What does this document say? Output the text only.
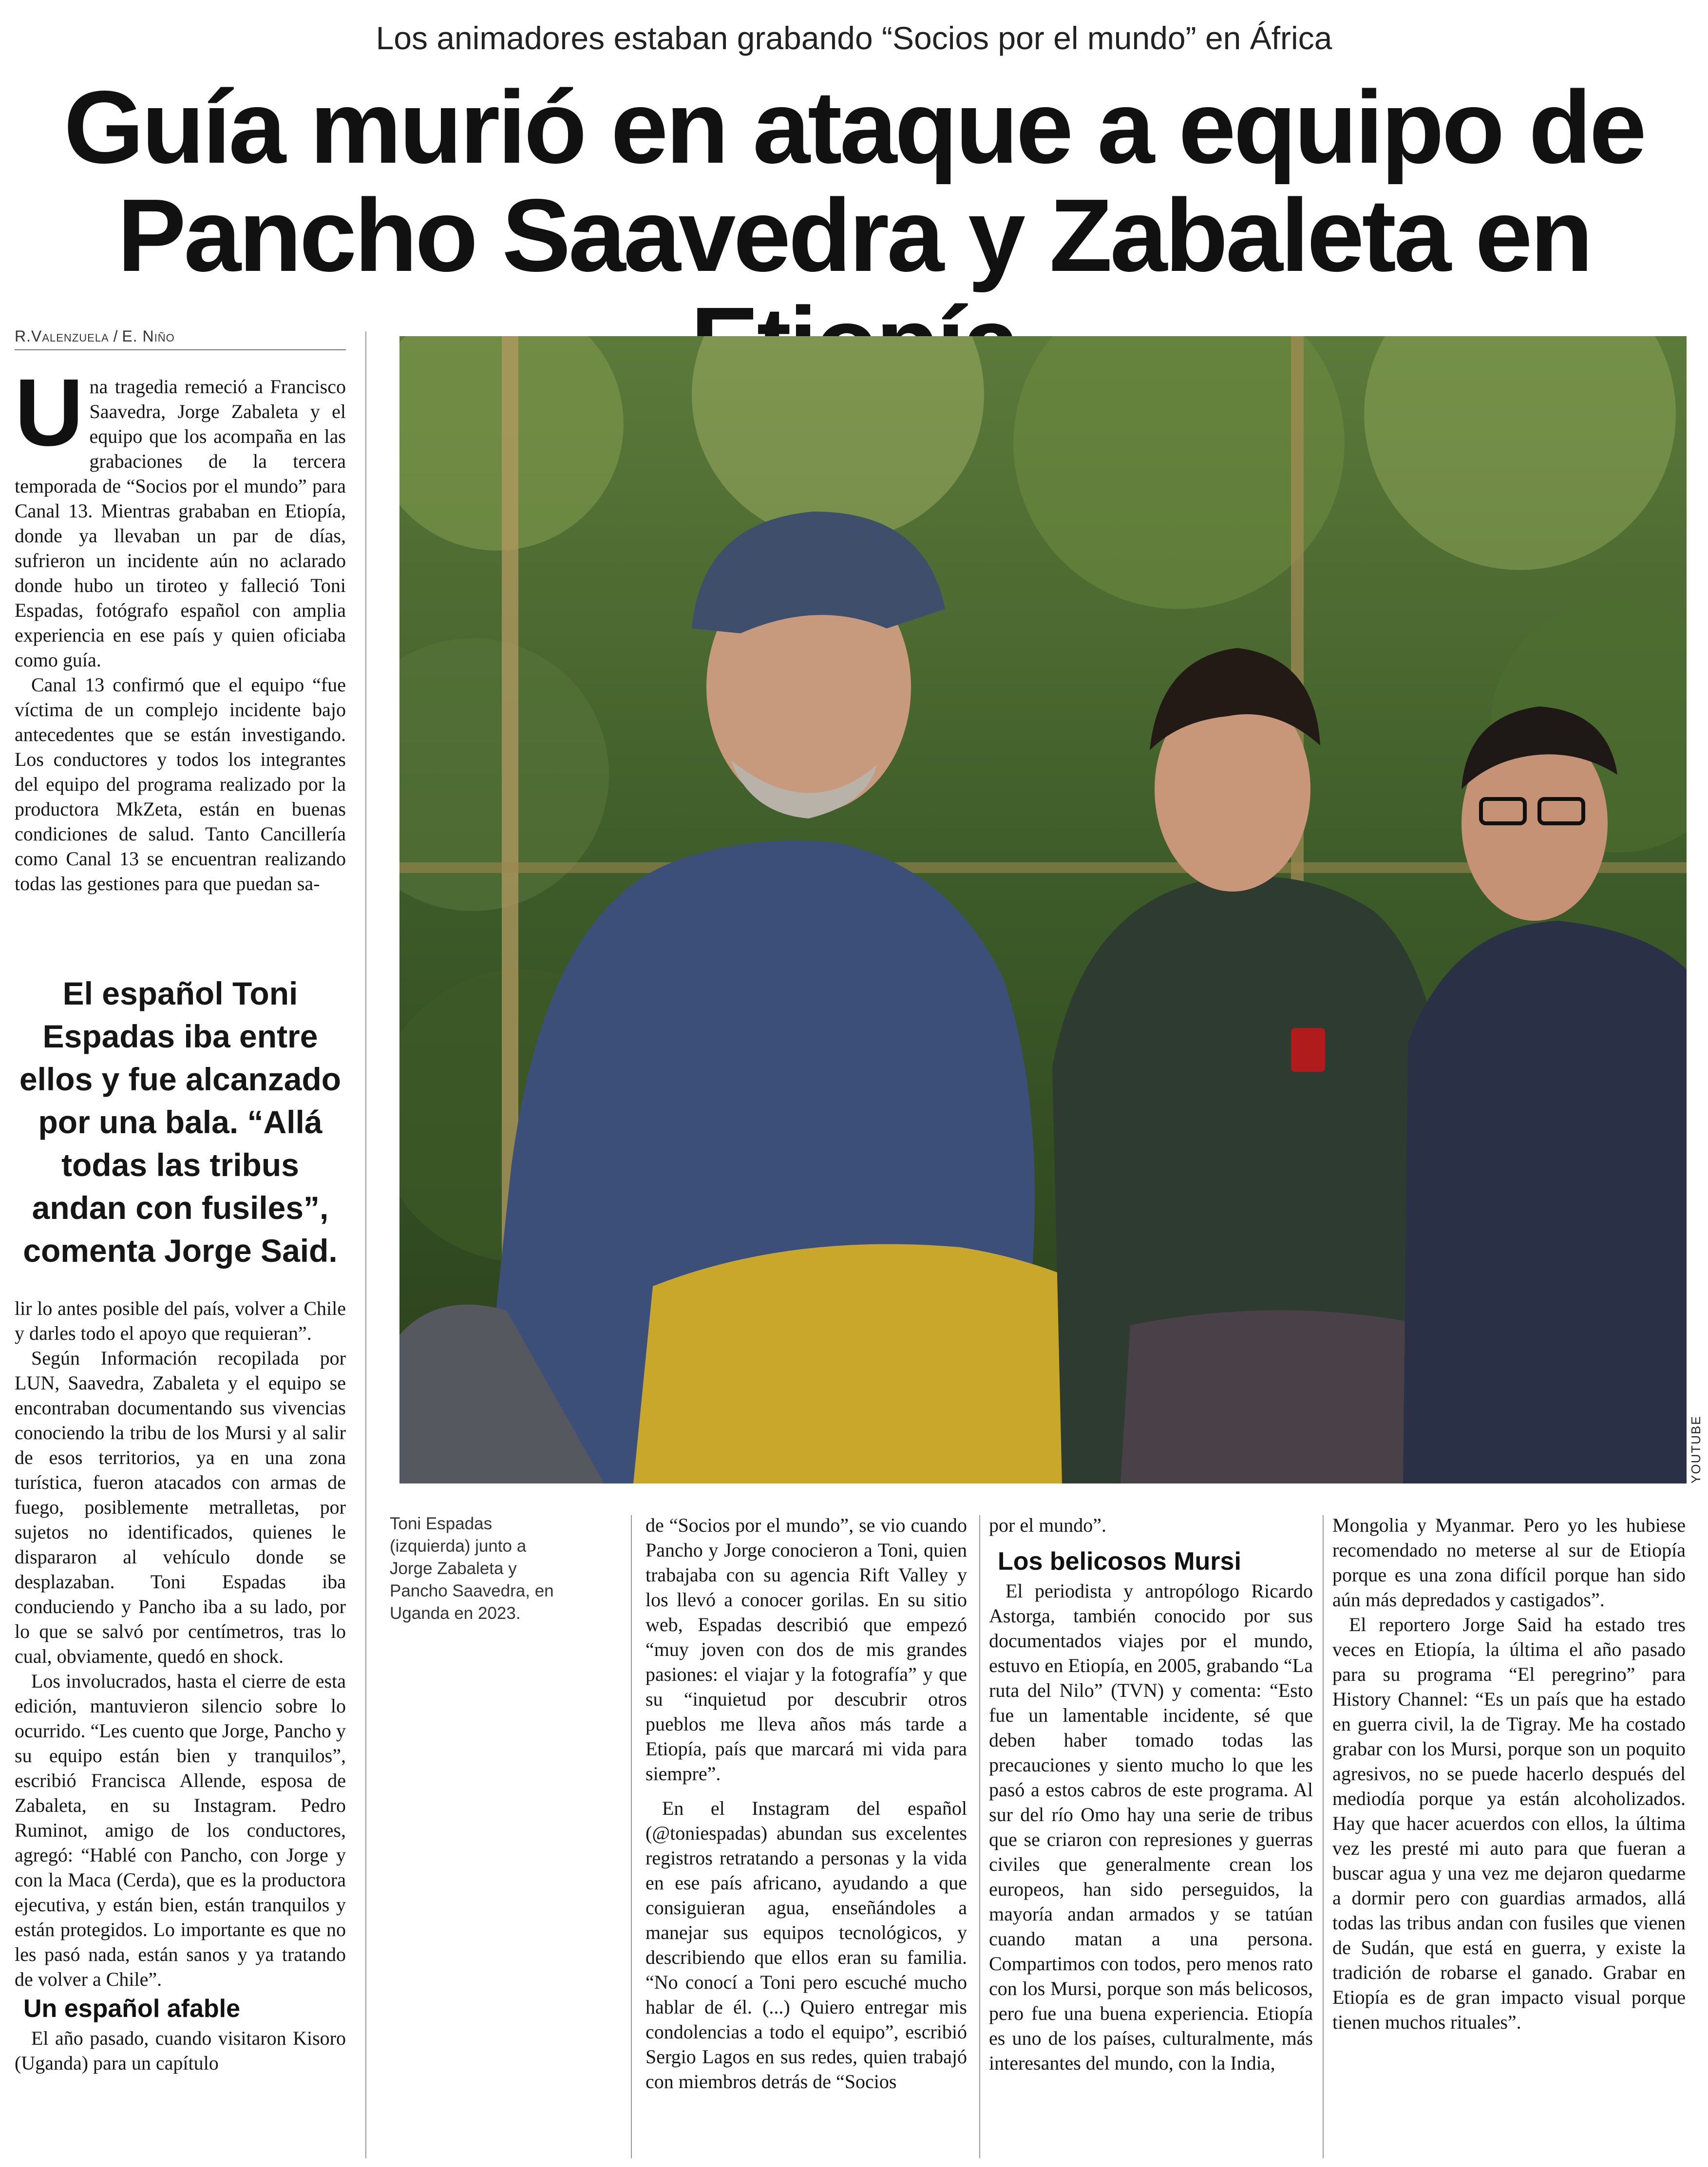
Los animadores estaban grabando “Socios por el mundo” en África
Guía murió en ataque a equipo de
Pancho Saavedra y Zabaleta en
R.Valenzuela / E. Niño
U na tragedia remeció a Francisco Saavedra, Jorge Zabaleta y el equipo que los acompaña en las grabaciones de la tercera temporada de “Socios por el mundo” para Canal 13. Mientras grababan en Etiopía, donde ya llevaban un par de días, sufrieron un incidente aún no aclarado donde hubo un tiroteo y falleció Toni Espadas, fotógrafo español con amplia experiencia en ese país y quien oficiaba como guía.

Canal 13 confirmó que el equipo “fue víctima de un complejo incidente bajo antecedentes que se están investigando. Los conductores y todos los integrantes del equipo del programa realizado por la productora MkZeta, están en buenas condiciones de salud. Tanto Cancillería como Canal 13 se encuentran realizando todas las gestiones para que puedan sa-

El español Toni Espadas iba entre ellos y fue alcanzado por una bala. “Allá todas las tribus andan con fusiles”, comenta Jorge Said.

lir lo antes posible del país, volver a Chile y darles todo el apoyo que requieran”.

Según Información recopilada por LUN, Saavedra, Zabaleta y el equipo se encontraban documentando sus vivencias conociendo la tribu de los Mursi y al salir de esos territorios, ya en una zona turística, fueron atacados con armas de fuego, posiblemente metralletas, por sujetos no identificados, quienes le dispararon al vehículo donde se desplazaban. Toni Espadas iba conduciendo y Pancho iba a su lado, por lo que se salvó por centímetros, tras lo cual, obviamente, quedó en shock.

Los involucrados, hasta el cierre de esta edición, mantuvieron silencio sobre lo ocurrido. “Les cuento que Jorge, Pancho y su equipo están bien y tranquilos”, escribió Francisca Allende, esposa de Zabaleta, en su Instagram. Pedro Ruminot, amigo de los conductores, agregó: “Hablé con Pancho, con Jorge y con la Maca (Cerda), que es la productora ejecutiva, y están bien, están tranquilos y están protegidos. Lo importante es que no les pasó nada, están sanos y ya tratando de volver a Chile”.

Un español afable

El año pasado, cuando visitaron Kisoro (Uganda) para un capítulo

YOUTUBE
Toni Espadas (izquierda) junto a Jorge Zabaleta y Pancho Saavedra, en Uganda en 2023.

de “Socios por el mundo”, se vio cuando Pancho y Jorge conocieron a Toni, quien trabajaba con su agencia Rift Valley y los llevó a conocer gorilas. En su sitio web, Espadas describió que empezó “muy joven con dos de mis grandes pasiones: el viajar y la fotografía” y que su “inquietud por descubrir otros pueblos me lleva años más tarde a Etiopía, país que marcará mi vida para siempre”.

En el Instagram del español (@toniespadas) abundan sus excelentes registros retratando a personas y la vida en ese país africano, ayudando a que consiguieran agua, enseñándoles a manejar sus equipos tecnológicos, y describiendo que ellos eran su familia. “No conocí a Toni pero escuché mucho hablar de él. (...) Quiero entregar mis condolencias a todo el equipo”, escribió Sergio Lagos en sus redes, quien trabajó con miembros detrás de “Socios

por el mundo”.

Los belicosos Mursi

El periodista y antropólogo Ricardo Astorga, también conocido por sus documentados viajes por el mundo, estuvo en Etiopía, en 2005, grabando “La ruta del Nilo” (TVN) y comenta: “Esto fue un lamentable incidente, sé que deben haber tomado todas las precauciones y siento mucho lo que les pasó a estos cabros de este programa. Al sur del río Omo hay una serie de tribus que se criaron con represiones y guerras civiles que generalmente crean los europeos, han sido perseguidos, la mayoría andan armados y se tatúan cuando matan a una persona. Compartimos con todos, pero menos rato con los Mursi, porque son más belicosos, pero fue una buena experiencia. Etiopía es uno de los países, culturalmente, más interesantes del mundo, con la India,

Mongolia y Myanmar. Pero yo les hubiese recomendado no meterse al sur de Etiopía porque es una zona difícil porque han sido aún más depredados y castigados”.

El reportero Jorge Said ha estado tres veces en Etiopía, la última el año pasado para su programa “El peregrino” para History Channel: “Es un país que ha estado en guerra civil, la de Tigray. Me ha costado grabar con los Mursi, porque son un poquito agresivos, no se puede hacerlo después del mediodía porque ya están alcoholizados. Hay que hacer acuerdos con ellos, la última vez les presté mi auto para que fueran a buscar agua y una vez me dejaron quedarme a dormir pero con guardias armados, allá todas las tribus andan con fusiles que vienen de Sudán, que está en guerra, y existe la tradición de robarse el ganado. Grabar en Etiopía es de gran impacto visual porque tienen muchos rituales”.
